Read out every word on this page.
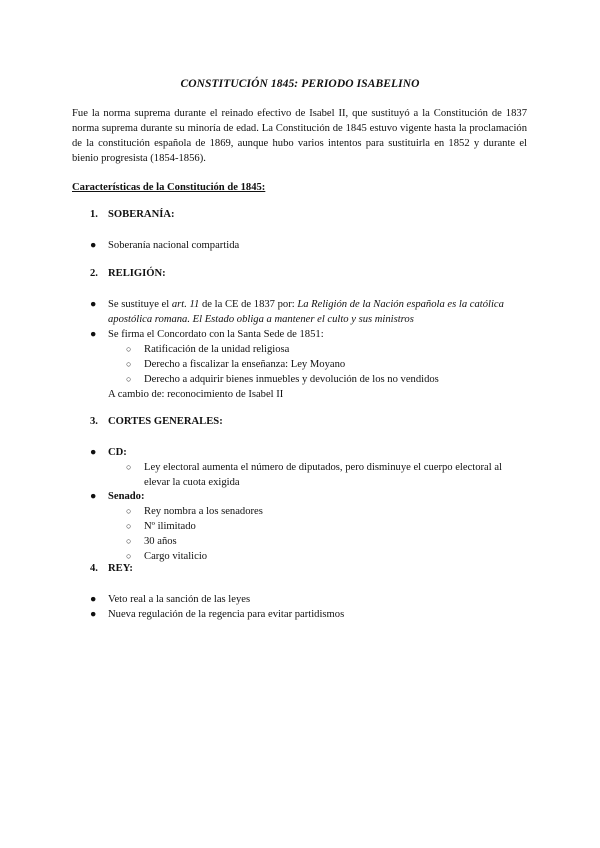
CONSTITUCIÓN 1845: PERIODO ISABELINO
Fue la norma suprema durante el reinado efectivo de Isabel II, que sustituyó a la Constitución de 1837 norma suprema durante su minoría de edad. La Constitución de 1845 estuvo vigente hasta la proclamación de la constitución española de 1869, aunque hubo varios intentos para sustituirla en 1852 y durante el bienio progresista (1854-1856).
Características de la Constitución de 1845:
1. SOBERANÍA:
●	Soberanía nacional compartida
2. RELIGIÓN:
●	Se sustituye el art. 11 de la CE de 1837 por: La Religión de la Nación española es la católica
apostólica romana. El Estado obliga a mantener el culto y sus ministros
●	Se firma el Concordato con la Santa Sede de 1851:
○	Ratificación de la unidad religiosa
○	Derecho a fiscalizar la enseñanza: Ley Moyano
○	Derecho a adquirir bienes inmuebles y devolución de los no vendidos
A cambio de: reconocimiento de Isabel II
3. CORTES GENERALES:
●	CD:
○	Ley electoral aumenta el número de diputados, pero disminuye el cuerpo electoral al
elevar la cuota exigida
●	Senado:
○	Rey nombra a los senadores
○	Nº ilimitado
○	30 años
○	Cargo vitalicio
4. REY:
●	Veto real a la sanción de las leyes
●	Nueva regulación de la regencia para evitar partidismos
